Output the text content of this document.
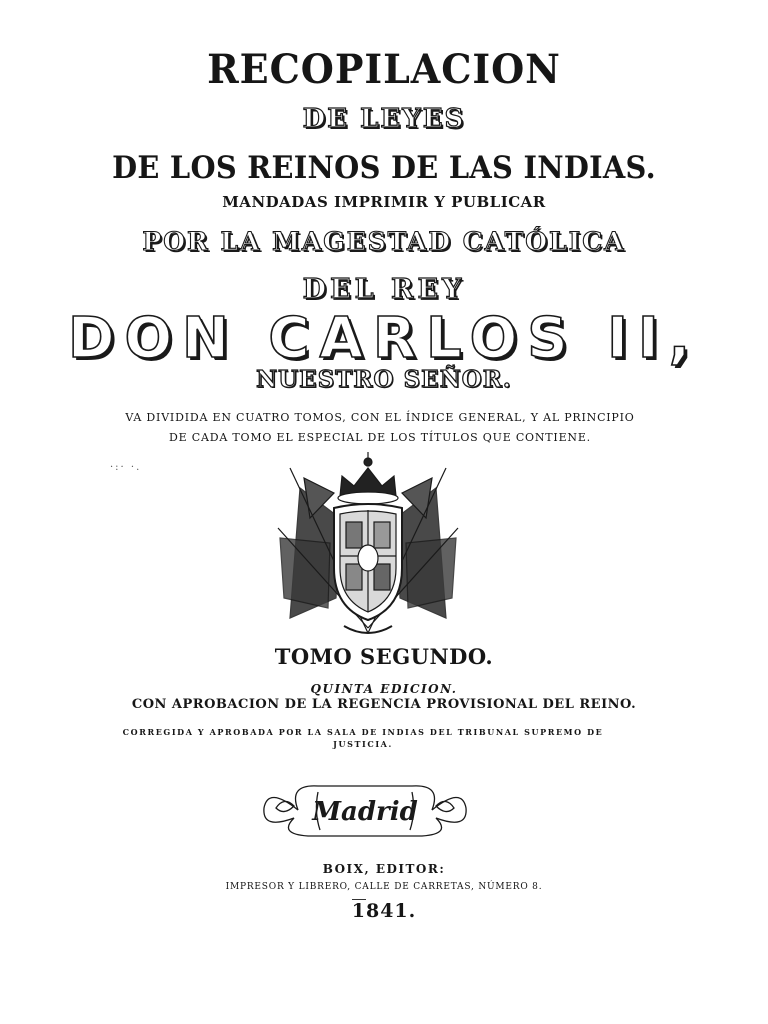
RECOPILACION
DE LEYES
DE LOS REINOS DE LAS INDIAS.
MANDADAS IMPRIMIR Y PUBLICAR
POR LA MAGESTAD CATÓLICA
DEL REY
DON CARLOS II,
NUESTRO SEÑOR.
VA DIVIDIDA EN CUATRO TOMOS, CON EL ÍNDICE GENERAL, Y AL PRINCIPIO DE CADA TOMO EL ESPECIAL DE LOS TÍTULOS QUE CONTIENE.
·:· ·.
TOMO SEGUNDO.
QUINTA EDICION.
CON APROBACION DE LA REGENCIA PROVISIONAL DEL REINO.
CORREGIDA Y APROBADA POR LA SALA DE INDIAS DEL TRIBUNAL SUPREMO DE JUSTICIA.
Madrid
BOIX, EDITOR:
IMPRESOR Y LIBRERO, CALLE DE CARRETAS, NÚMERO 8.
1841.
